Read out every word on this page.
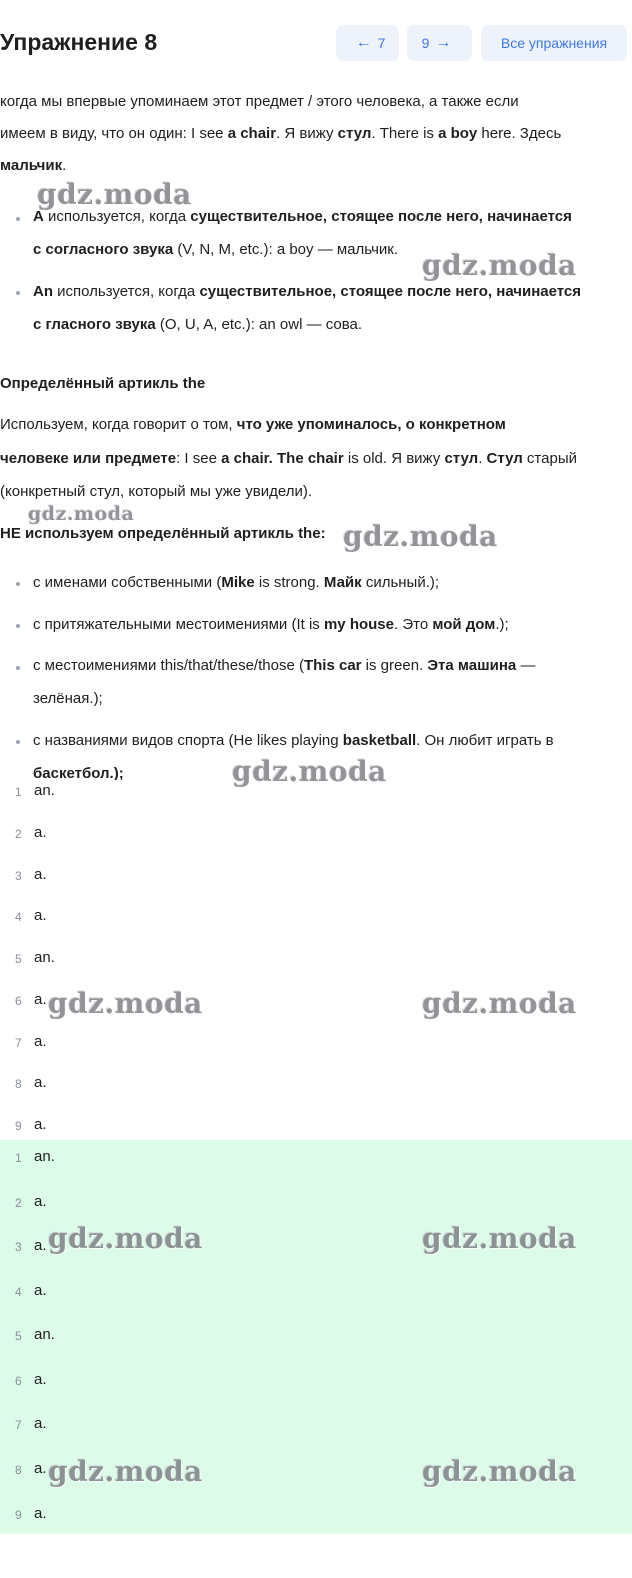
Упражнение 8	← 7	9 →	Все упражнения
когда мы впервые упоминаем этот предмет / этого человека, а также если
имеем в виду, что он один: I see a chair. Я вижу стул. There is a boy here. Здесь
мальчик.
A используется, когда существительное, стоящее после него, начинается
с согласного звука (V, N, M, etc.): a boy — мальчик.
An используется, когда существительное, стоящее после него, начинается
с гласного звука (O, U, A, etc.): an owl — сова.
Определённый артикль the
Используем, когда говорит о том, что уже упоминалось, о конкретном
человеке или предмете: I see a chair. The chair is old. Я вижу стул. Стул старый
(конкретный стул, который мы уже увидели).
НЕ используем определённый артикль the:
с именами собственными (Mike is strong. Майк сильный.);
с притяжательными местоимениями (It is my house. Это мой дом.);
с местоимениями this/that/these/those (This car is green. Эта машина —
зелёная.);
с названиями видов спорта (He likes playing basketball. Он любит играть в
баскетбол.);
1 an.
2 a.
3 a.
4 a.
5 an.
6 a.
7 a.
8 a.
9 a.
1 an.
2 a.
3 a.
4 a.
5 an.
6 a.
7 a.
8 a.
9 a.
gdz.moda
gdz.moda
gdz.moda
gdz.moda
gdz.moda
gdz.moda	gdz.moda
gdz.moda	gdz.moda
gdz.moda	gdz.moda
